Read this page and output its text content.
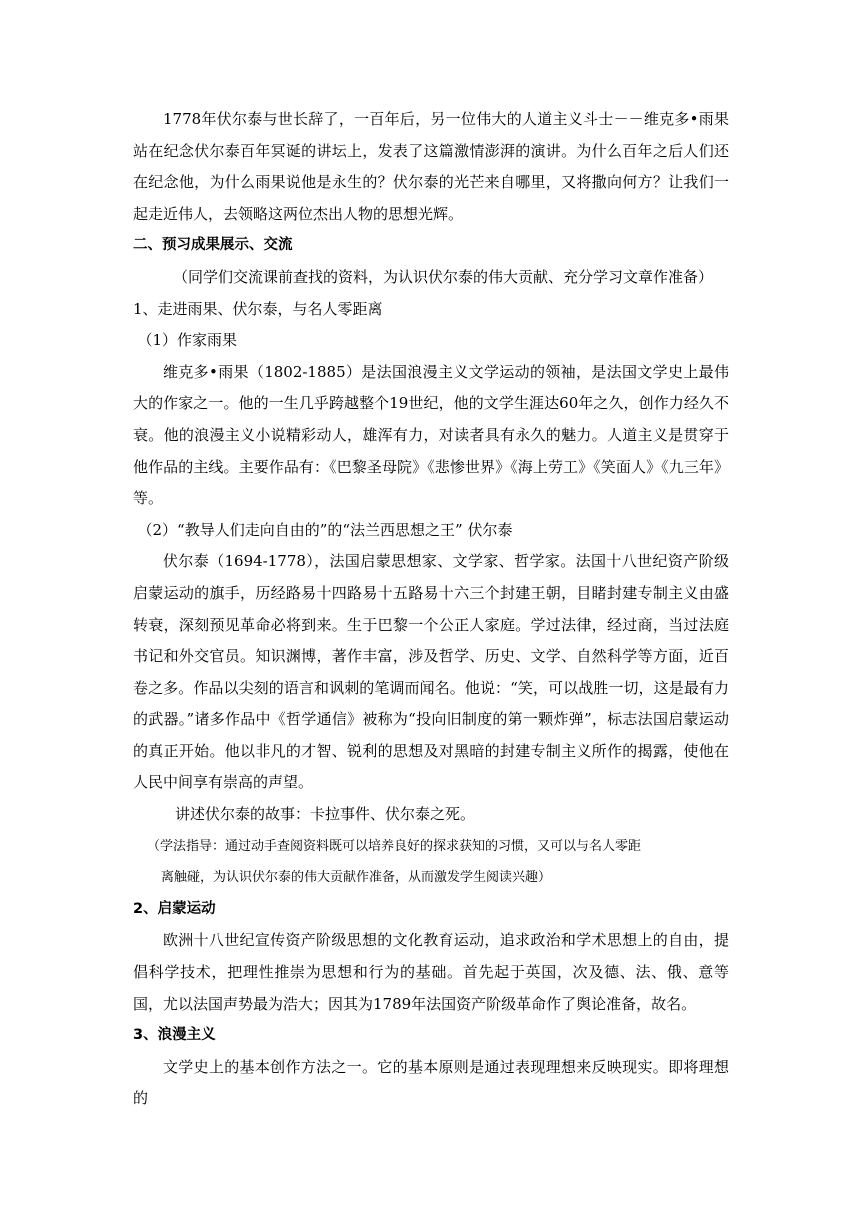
1778年伏尔泰与世长辞了，一百年后，另一位伟大的人道主义斗士－－维克多•雨果站在纪念伏尔泰百年冥诞的讲坛上，发表了这篇激情澎湃的演讲。为什么百年之后人们还在纪念他，为什么雨果说他是永生的？伏尔泰的光芒来自哪里，又将撒向何方？让我们一起走近伟人，去领略这两位杰出人物的思想光辉。

二、预习成果展示、交流

（同学们交流课前查找的资料，为认识伏尔泰的伟大贡献、充分学习文章作准备）

1、走进雨果、伏尔泰，与名人零距离

（1）作家雨果

维克多•雨果（1802-1885）是法国浪漫主义文学运动的领袖，是法国文学史上最伟大的作家之一。他的一生几乎跨越整个19世纪，他的文学生涯达60年之久，创作力经久不衰。他的浪漫主义小说精彩动人，雄浑有力，对读者具有永久的魅力。人道主义是贯穿于他作品的主线。主要作品有：《巴黎圣母院》《悲惨世界》《海上劳工》《笑面人》《九三年》等。

（2）“教导人们走向自由的”的“法兰西思想之王” 伏尔泰

伏尔泰（1694-1778），法国启蒙思想家、文学家、哲学家。法国十八世纪资产阶级启蒙运动的旗手，历经路易十四路易十五路易十六三个封建王朝，目睹封建专制主义由盛转衰，深刻预见革命必将到来。生于巴黎一个公正人家庭。学过法律，经过商，当过法庭书记和外交官员。知识渊博，著作丰富，涉及哲学、历史、文学、自然科学等方面，近百卷之多。作品以尖刻的语言和讽刺的笔调而闻名。他说：“笑，可以战胜一切，这是最有力的武器。”诸多作品中《哲学通信》被称为“投向旧制度的第一颗炸弹”，标志法国启蒙运动的真正开始。他以非凡的才智、锐利的思想及对黑暗的封建专制主义所作的揭露，使他在人民中间享有崇高的声望。

讲述伏尔泰的故事：卡拉事件、伏尔泰之死。

（学法指导：通过动手查阅资料既可以培养良好的探求获知的习惯，又可以与名人零距
离触碰，为认识伏尔泰的伟大贡献作准备，从而激发学生阅读兴趣）

2、启蒙运动

欧洲十八世纪宣传资产阶级思想的文化教育运动，追求政治和学术思想上的自由，提倡科学技术，把理性推崇为思想和行为的基础。首先起于英国，次及德、法、俄、意等国，尤以法国声势最为浩大；因其为1789年法国资产阶级革命作了舆论准备，故名。

3、浪漫主义

文学史上的基本创作方法之一。它的基本原则是通过表现理想来反映现实。即将理想的
